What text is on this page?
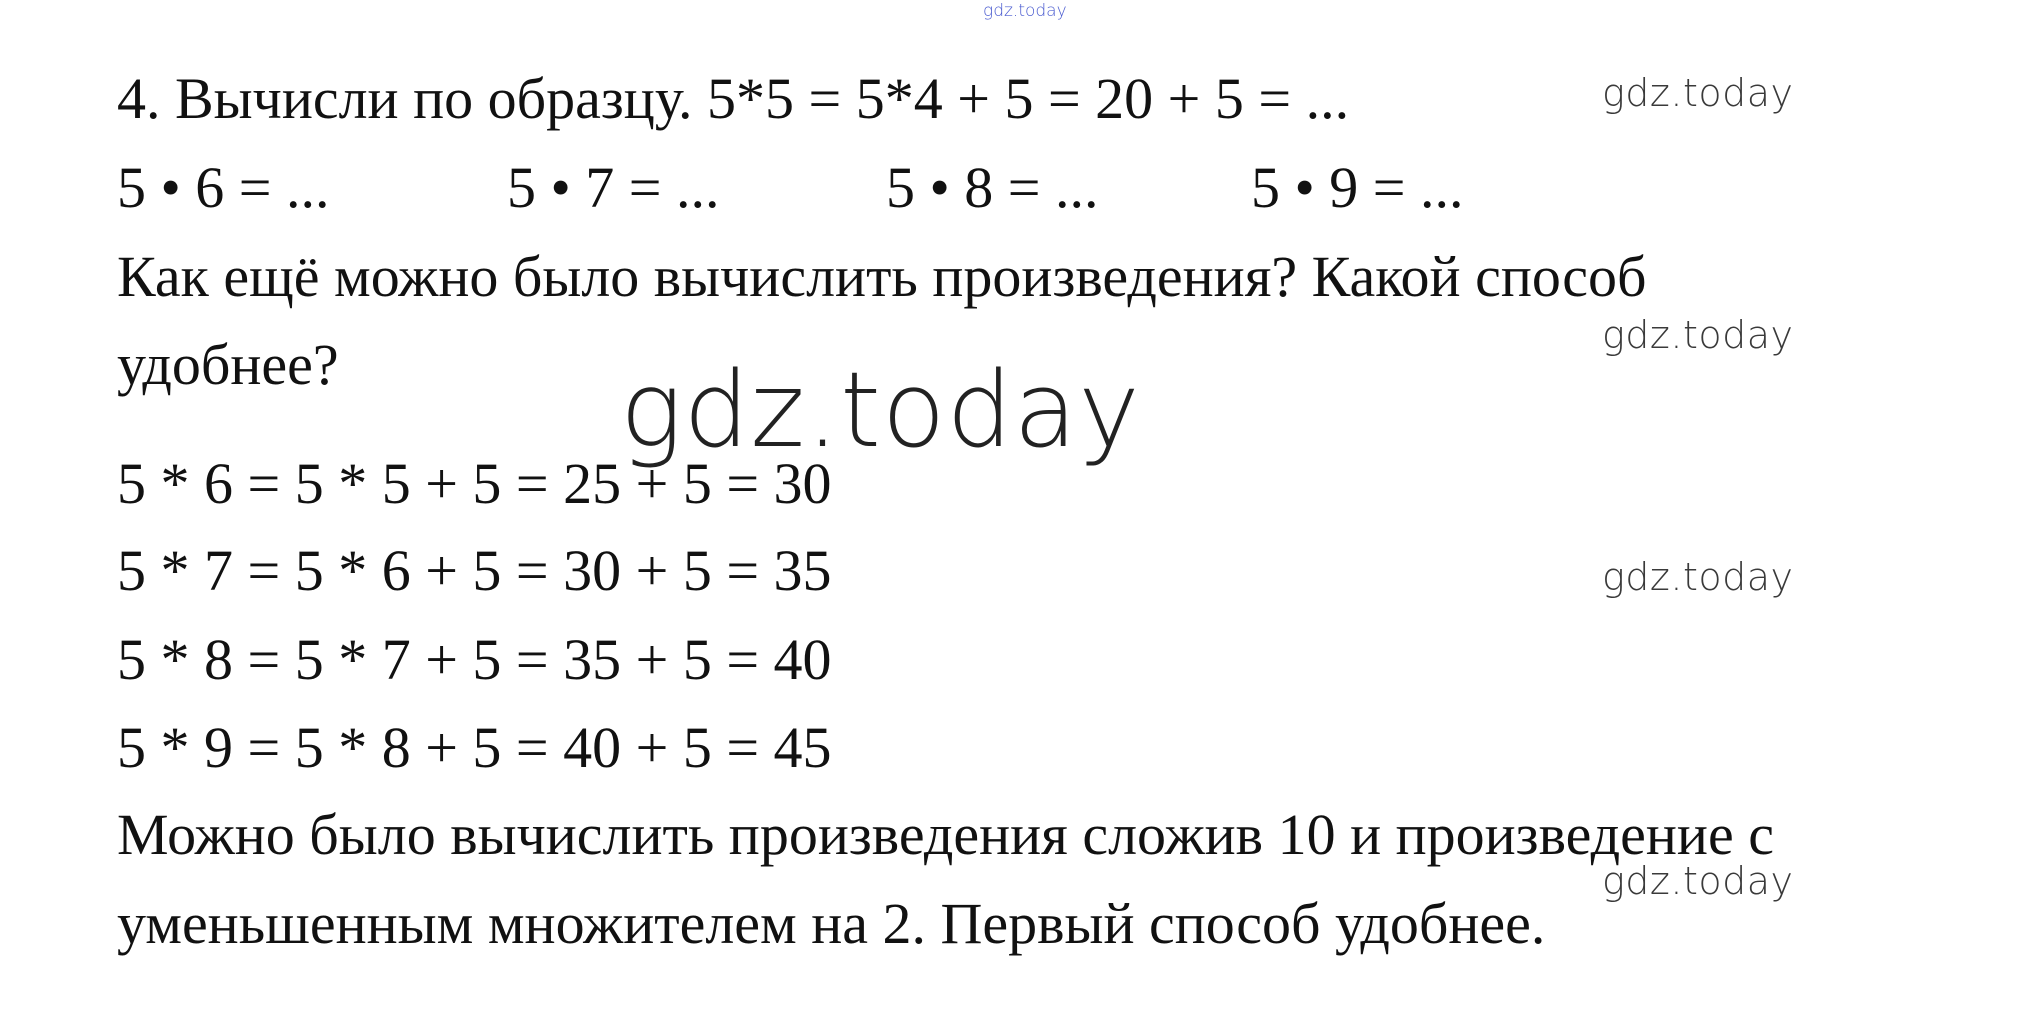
gdz.today
4. Вычисли по образцу. 5*5 = 5*4 + 5 = 20 + 5 = ...
5 • 6 = ...	5 • 7 = ...	5 • 8 = ...	5 • 9 = ...
Как ещё можно было вычислить произведения? Какой способ
удобнее?	gdz.today
5 * 6 = 5 * 5 + 5 = 25 + 5 = 30
5 * 7 = 5 * 6 + 5 = 30 + 5 = 35
5 * 8 = 5 * 7 + 5 = 35 + 5 = 40
5 * 9 = 5 * 8 + 5 = 40 + 5 = 45
Можно было вычислить произведения сложив 10 и произведение с
уменьшенным множителем на 2. Первый способ удобнее.
gdz.today
gdz.today
gdz.today
gdz.today
